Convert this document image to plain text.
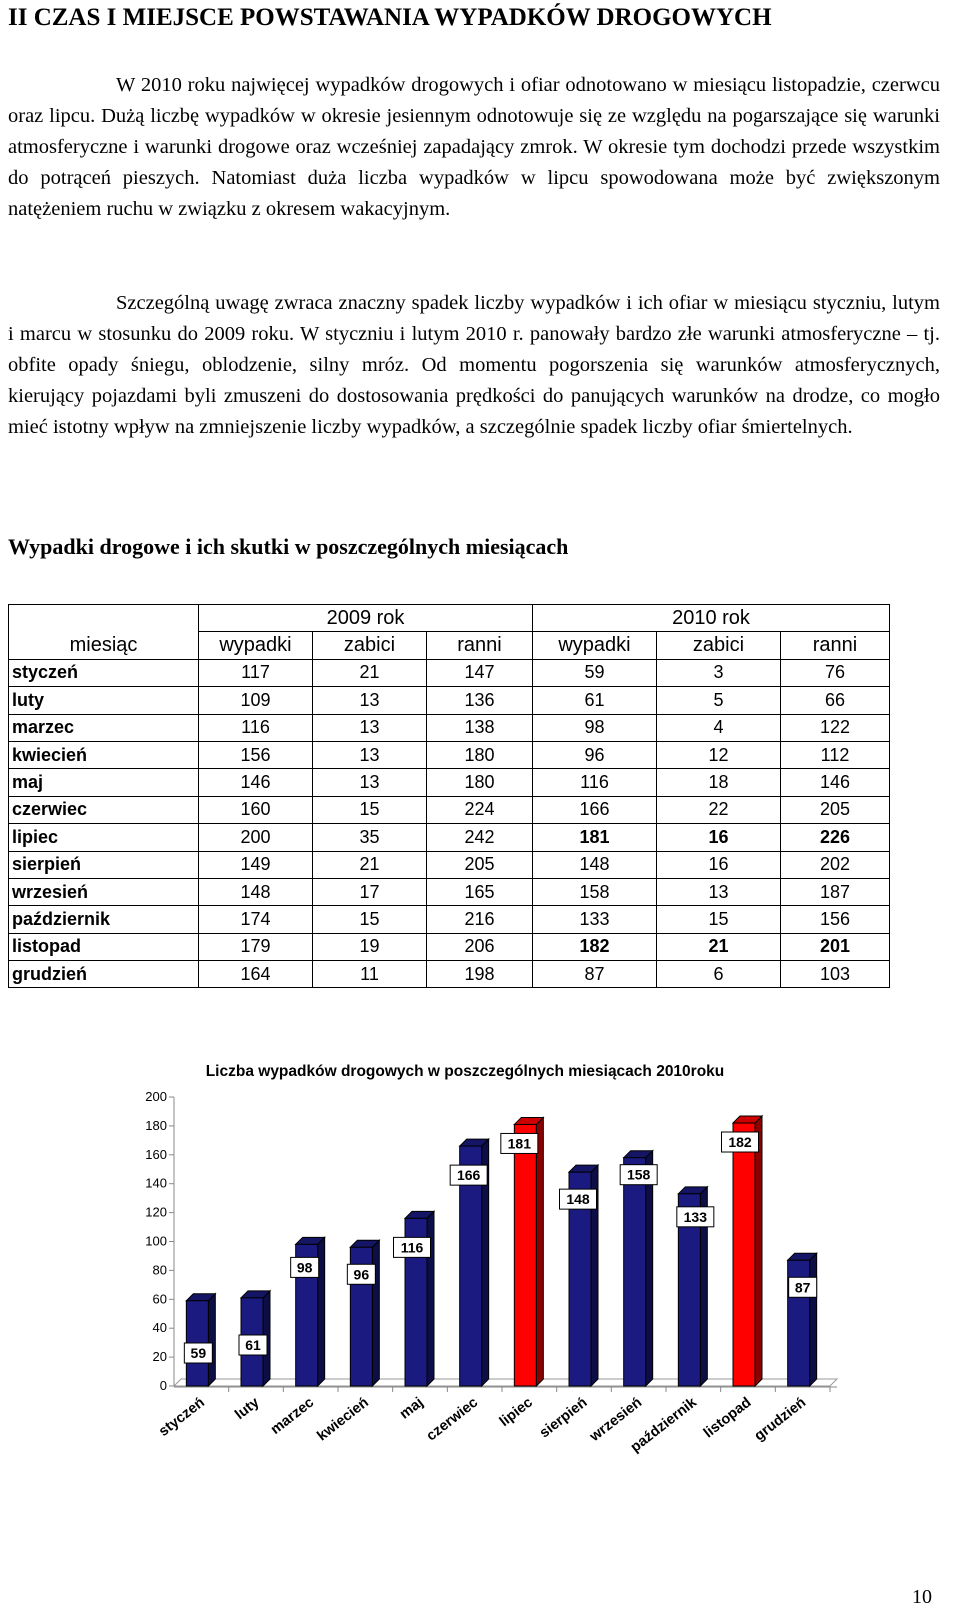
II CZAS I MIEJSCE POWSTAWANIA WYPADKÓW DROGOWYCH

W 2010 roku najwięcej wypadków drogowych i ofiar odnotowano w miesiącu listopadzie, czerwcu oraz lipcu. Dużą liczbę wypadków w okresie jesiennym odnotowuje się ze względu na pogarszające się warunki atmosferyczne i warunki drogowe oraz wcześniej zapadający zmrok. W okresie tym dochodzi przede wszystkim do potrąceń pieszych. Natomiast duża liczba wypadków w lipcu spowodowana może być zwiększonym natężeniem ruchu w związku z okresem wakacyjnym.

Szczególną uwagę zwraca znaczny spadek liczby wypadków i ich ofiar w miesiącu styczniu, lutym i marcu w stosunku do 2009 roku. W styczniu i lutym 2010 r. panowały bardzo złe warunki atmosferyczne – tj. obfite opady śniegu, oblodzenie, silny mróz. Od momentu pogorszenia się warunków atmosferycznych, kierujący pojazdami byli zmuszeni do dostosowania prędkości do panujących warunków na drodze, co mogło mieć istotny wpływ na zmniejszenie liczby wypadków, a szczególnie spadek liczby ofiar śmiertelnych.

Wypadki drogowe i ich skutki w poszczególnych miesiącach
	2009 rok			2010 rok		
miesiąc	wypadki	zabici	ranni	wypadki	zabici	ranni
styczeń	117	21	147	59	3	76
luty	109	13	136	61	5	66
marzec	116	13	138	98	4	122
kwiecień	156	13	180	96	12	112
maj	146	13	180	116	18	146
czerwiec	160	15	224	166	22	205
lipiec	200	35	242	181	16	226
sierpień	149	21	205	148	16	202
wrzesień	148	17	165	158	13	187
październik	174	15	216	133	15	156
listopad	179	19	206	182	21	201
grudzień	164	11	198	87	6	103
Liczba wypadków drogowych w poszczególnych miesiącach 2010roku
0
20
40
60
80
100
120
140
160
180
200
59
styczeń
61
luty
98
marzec
96
kwiecień
116
maj
166
czerwiec
181
lipiec
148
sierpień
158
wrzesień
133
październik
182
listopad
87
grudzień
10
